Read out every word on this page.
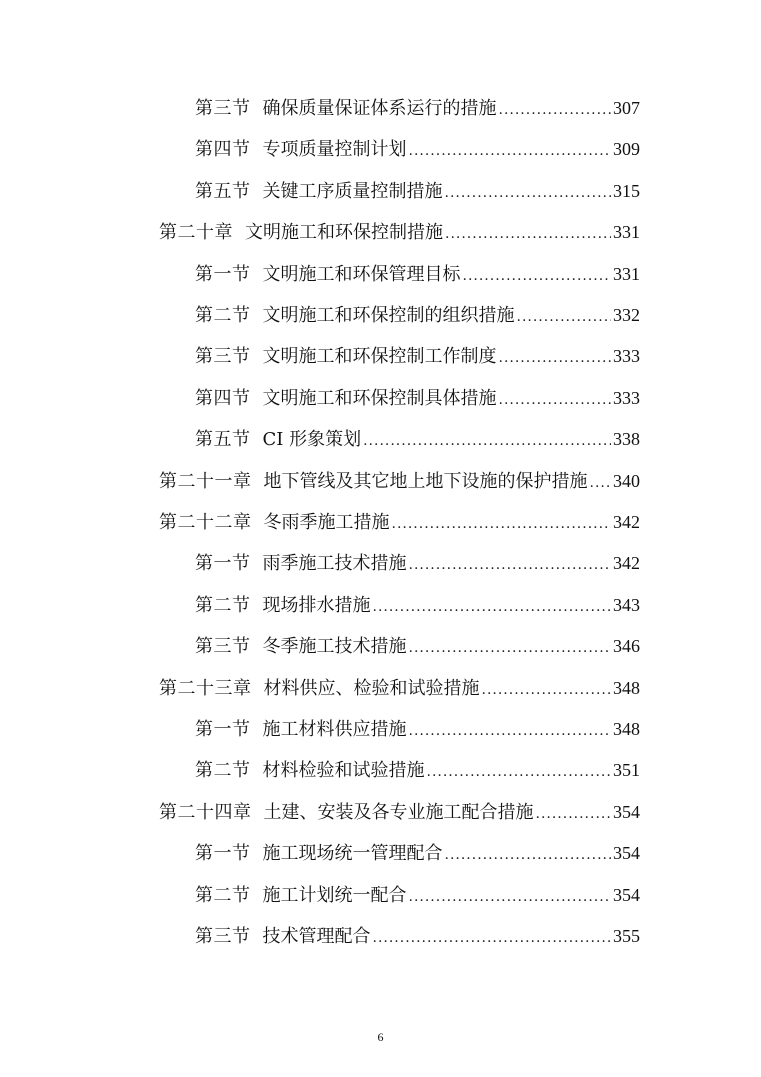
第三节 确保质量保证体系运行的措施 .....	307
第四节 专项质量控制计划 .....	309
第五节 关键工序质量控制措施 .....	315
第二十章 文明施工和环保控制措施 .....	331
第一节 文明施工和环保管理目标 .....	331
第二节 文明施工和环保控制的组织措施 .....	332
第三节 文明施工和环保控制工作制度 .....	333
第四节 文明施工和环保控制具体措施 .....	333
第五节 CI 形象策划 .....	338
第二十一章 地下管线及其它地上地下设施的保护措施 ..... 340
第二十二章 冬雨季施工措施 .....	342
第一节 雨季施工技术措施 .....	342
第二节 现场排水措施 .....	343
第三节 冬季施工技术措施 .....	346
第二十三章 材料供应、检验和试验措施 .....	348
第一节 施工材料供应措施 .....	348
第二节 材料检验和试验措施 .....	351
第二十四章 土建、安装及各专业施工配合措施 .....	354
第一节 施工现场统一管理配合 .....	354
第二节 施工计划统一配合 .....	354
第三节 技术管理配合 .....	355
6
